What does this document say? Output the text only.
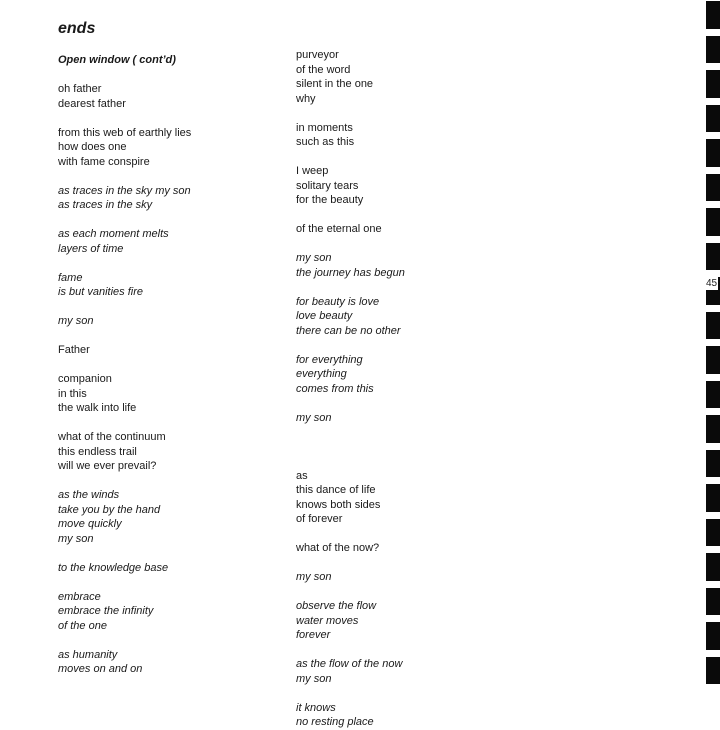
ends
Open window ( cont’d)
oh father
dearest father
from this web of earthly lies
how does one
with fame conspire
as traces in the sky my son
as traces in the sky
as each moment melts
layers of time
fame
is but vanities fire
my son
Father
companion
in this
the walk into life
what of the continuum
this endless trail
will we ever prevail?
as the winds
take you by the hand
move quickly
my son
to the knowledge base
embrace
embrace the infinity
of the one
as humanity
moves on and on
purveyor
of the word
silent in the one
why
in moments
such as this
I weep
solitary tears
for the beauty
of the eternal one
my son
the journey has begun
for beauty is love
love beauty
there can be no other
for everything
everything
comes from this
my son
as
this dance of life
knows both sides
of forever
what of the now?
my son
observe the flow
water moves
forever
as the flow of the now
my son
it knows
no resting place
45
